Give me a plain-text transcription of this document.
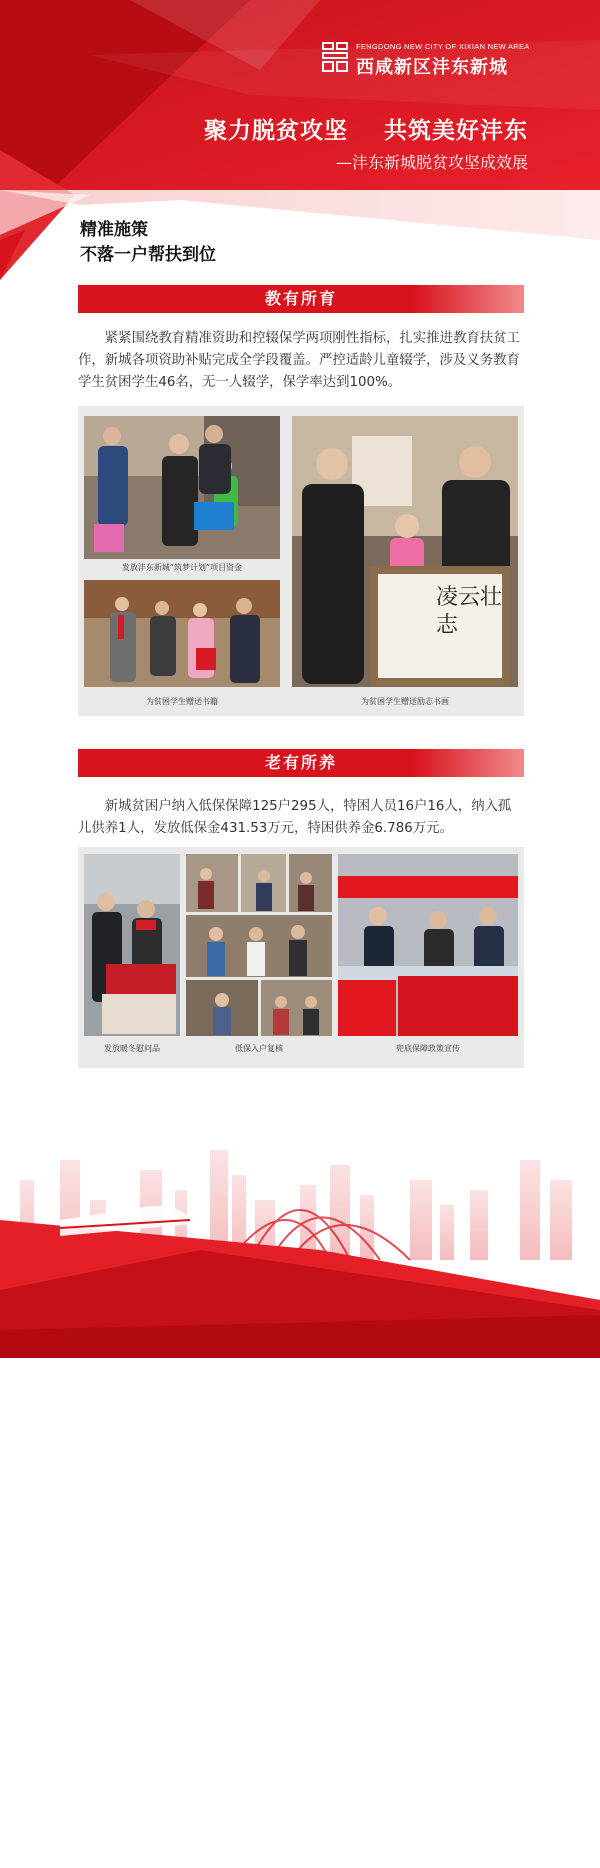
FENGDONG NEW CITY OF XIXIAN NEW AREA
西咸新区沣东新城
聚力脱贫攻坚    共筑美好沣东
—沣东新城脱贫攻坚成效展
精准施策
不落一户帮扶到位
教有所育
紧紧围绕教育精准资助和控辍保学两项刚性指标，扎实推进教育扶贫工作，新城各项资助补贴完成全学段覆盖。严控适龄儿童辍学，涉及义务教育学生贫困学生46名，无一人辍学，保学率达到100%。
发放沣东新城“筑梦计划”项目资金
为贫困学生赠送书籍
凌云壮志
为贫困学生赠送励志书画
老有所养
新城贫困户纳入低保保障125户295人，特困人员16户16人，纳入孤儿供养1人，发放低保金431.53万元，特困供养金6.786万元。
发放暖冬慰问品	低保入户复核
为事业  促进精神
沣东新城民政局
政兜底扶贫宣传
兜底保障政策宣传
